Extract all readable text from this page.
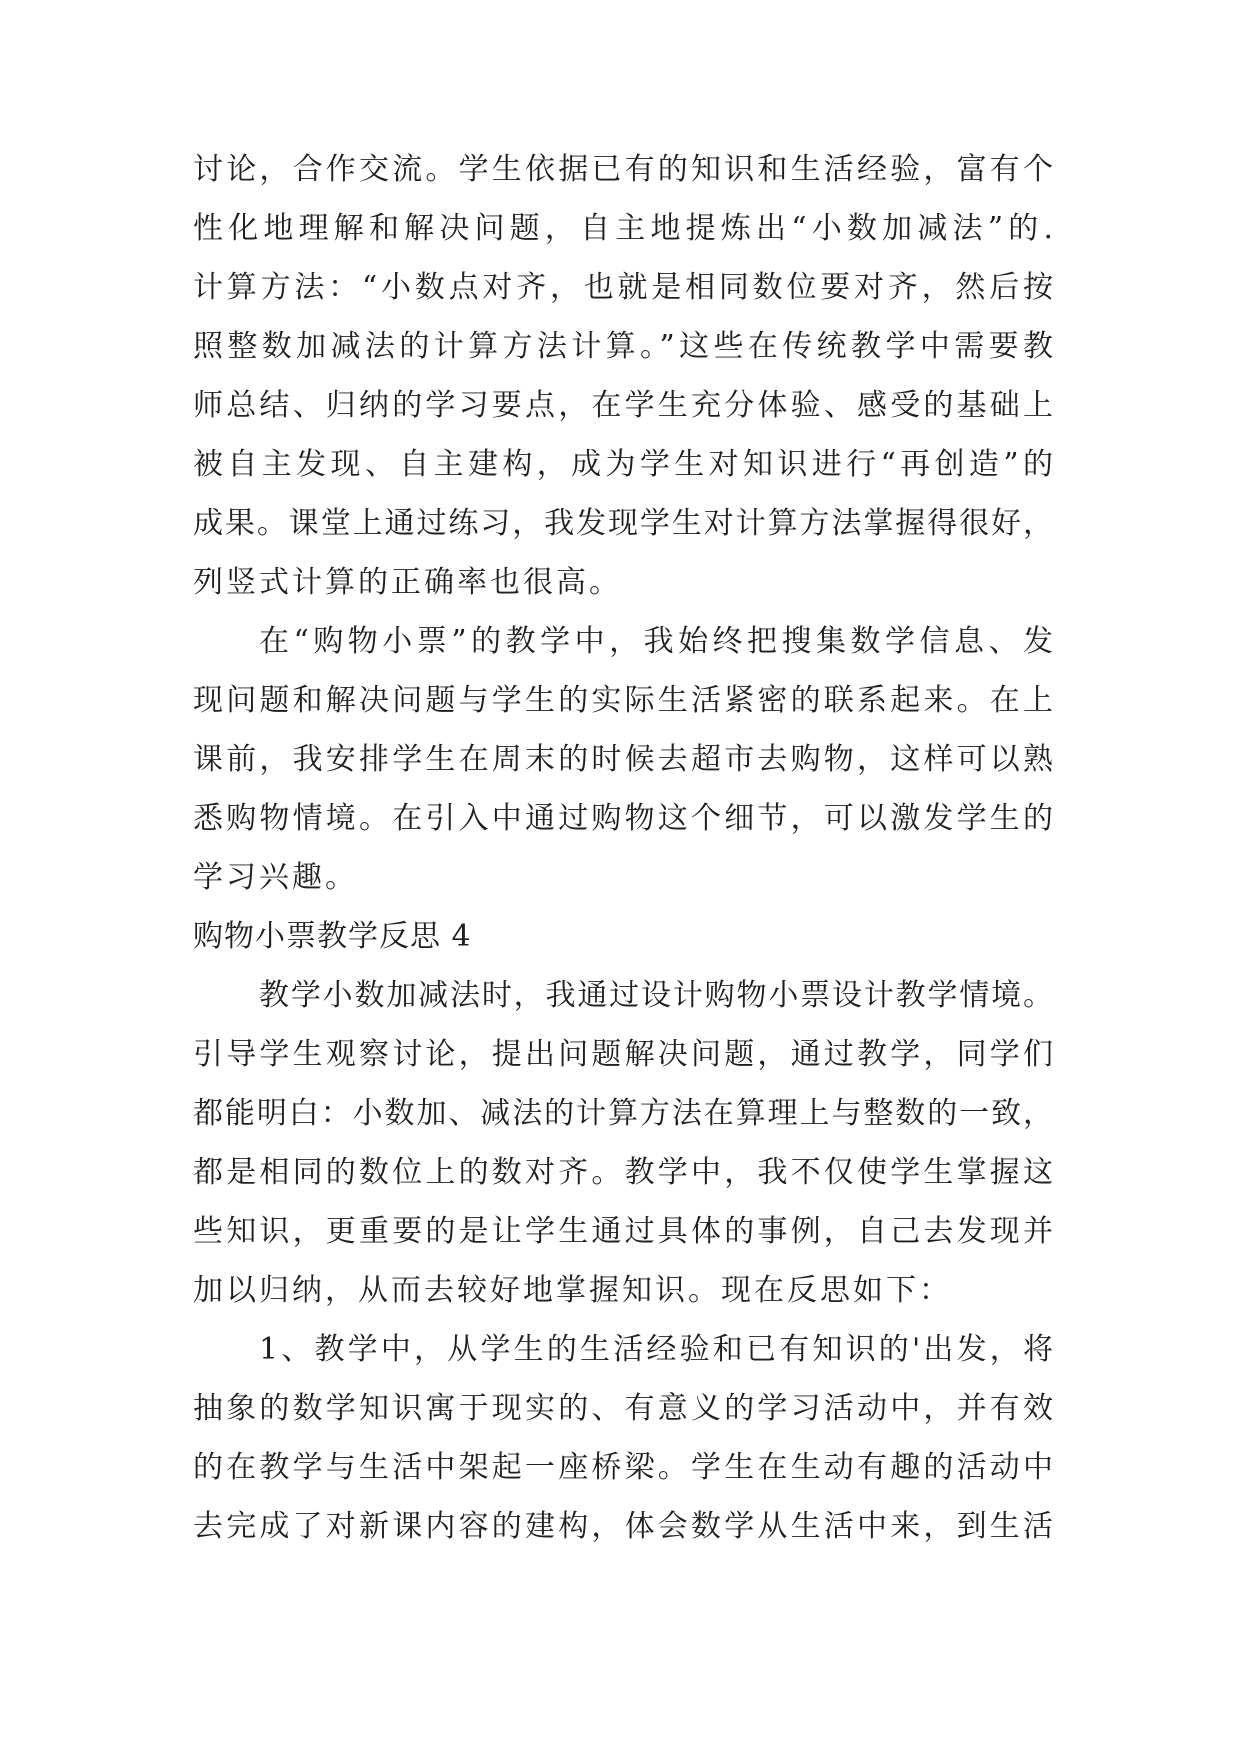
讨论，合作交流。学生依据已有的知识和生活经验，富有个
性化地理解和解决问题，自主地提炼出“小数加减法”的.
计算方法：“小数点对齐，也就是相同数位要对齐，然后按
照整数加减法的计算方法计算。”这些在传统教学中需要教
师总结、归纳的学习要点，在学生充分体验、感受的基础上
被自主发现、自主建构，成为学生对知识进行“再创造”的
成果。课堂上通过练习，我发现学生对计算方法掌握得很好，
列竖式计算的正确率也很高。
在“购物小票”的教学中，我始终把搜集数学信息、发
现问题和解决问题与学生的实际生活紧密的联系起来。在上
课前，我安排学生在周末的时候去超市去购物，这样可以熟
悉购物情境。在引入中通过购物这个细节，可以激发学生的
学习兴趣。
购物小票教学反思 4
教学小数加减法时，我通过设计购物小票设计教学情境。
引导学生观察讨论，提出问题解决问题，通过教学，同学们
都能明白：小数加、减法的计算方法在算理上与整数的一致，
都是相同的数位上的数对齐。教学中，我不仅使学生掌握这
些知识，更重要的是让学生通过具体的事例，自己去发现并
加以归纳，从而去较好地掌握知识。现在反思如下：
1、教学中，从学生的生活经验和已有知识的'出发，将
抽象的数学知识寓于现实的、有意义的学习活动中，并有效
的在教学与生活中架起一座桥梁。学生在生动有趣的活动中
去完成了对新课内容的建构，体会数学从生活中来，到生活
